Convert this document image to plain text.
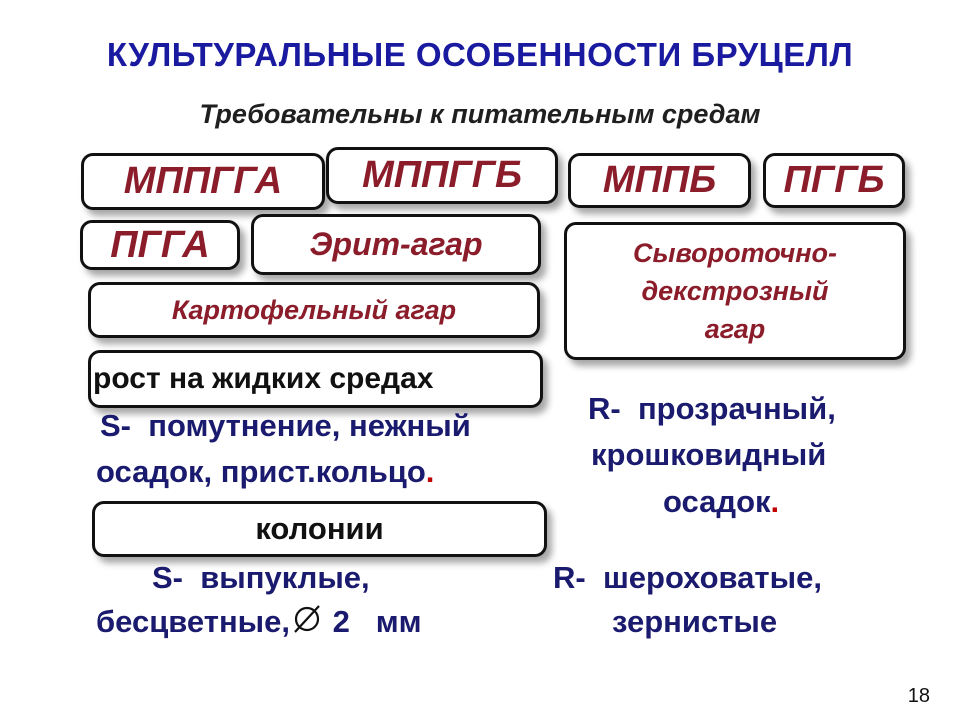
КУЛЬТУРАЛЬНЫЕ ОСОБЕННОСТИ БРУЦЕЛЛ
Требовательны к питательным средам
МППГГА	МППГГБ	МППБ	ПГГБ
ПГГА	Эрит-агар
Картофельный агар
Сывороточно-
декстрозный
агар
рост на жидких средах
S- помутнение, нежный
осадок, прист.кольцо.
R- прозрачный,
крошковидный
осадок.
колонии
S- выпуклые,
бесцветные, 2 мм
R- шероховатые,
зернистые
18
